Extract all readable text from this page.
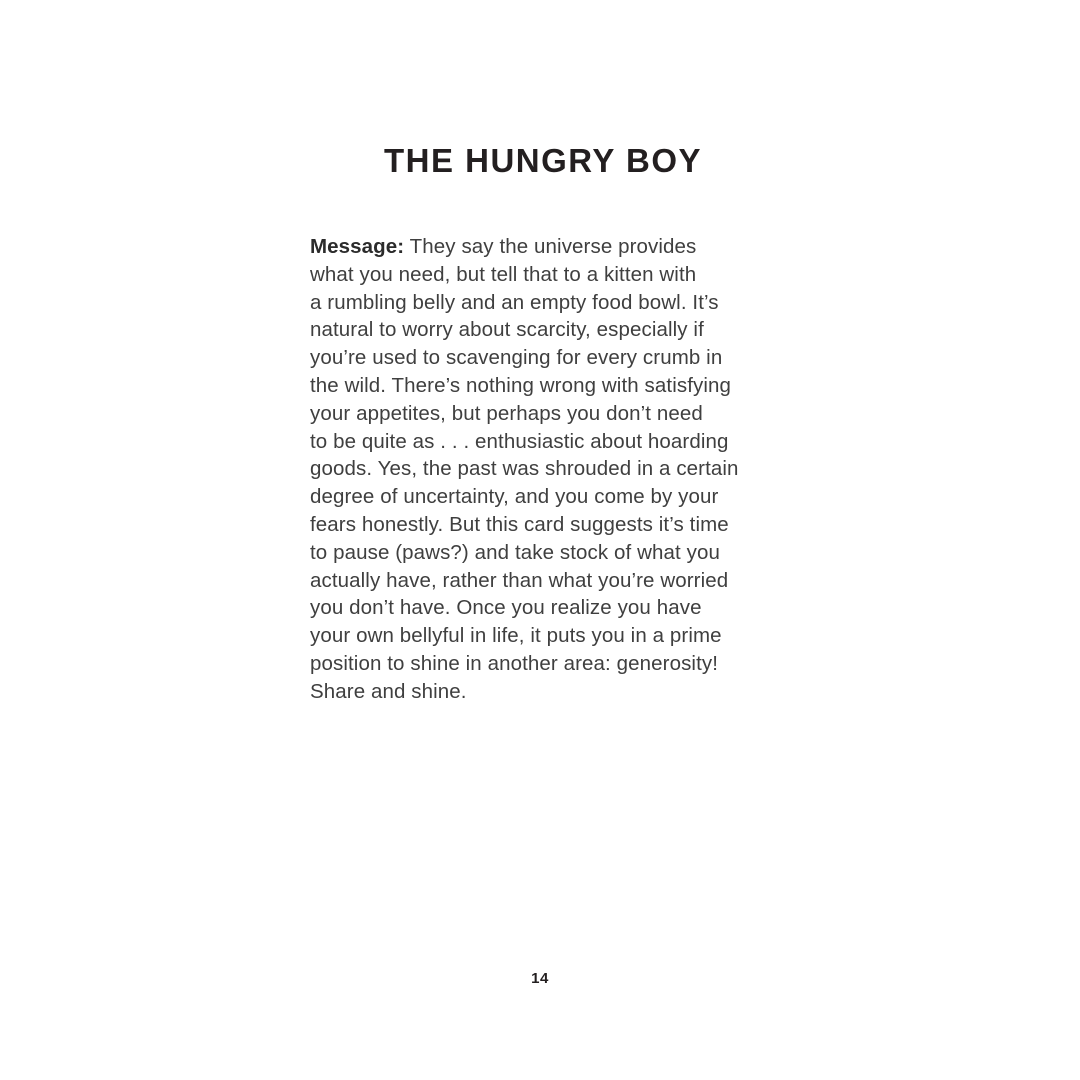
THE HUNGRY BOY
Message: They say the universe provides
what you need, but tell that to a kitten with
a rumbling belly and an empty food bowl. It’s
natural to worry about scarcity, especially if
you’re used to scavenging for every crumb in
the wild. There’s nothing wrong with satisfying
your appetites, but perhaps you don’t need
to be quite as . . . enthusiastic about hoarding
goods. Yes, the past was shrouded in a certain
degree of uncertainty, and you come by your
fears honestly. But this card suggests it’s time
to pause (paws?) and take stock of what you
actually have, rather than what you’re worried
you don’t have. Once you realize you have
your own bellyful in life, it puts you in a prime
position to shine in another area: generosity!
Share and shine.
14
